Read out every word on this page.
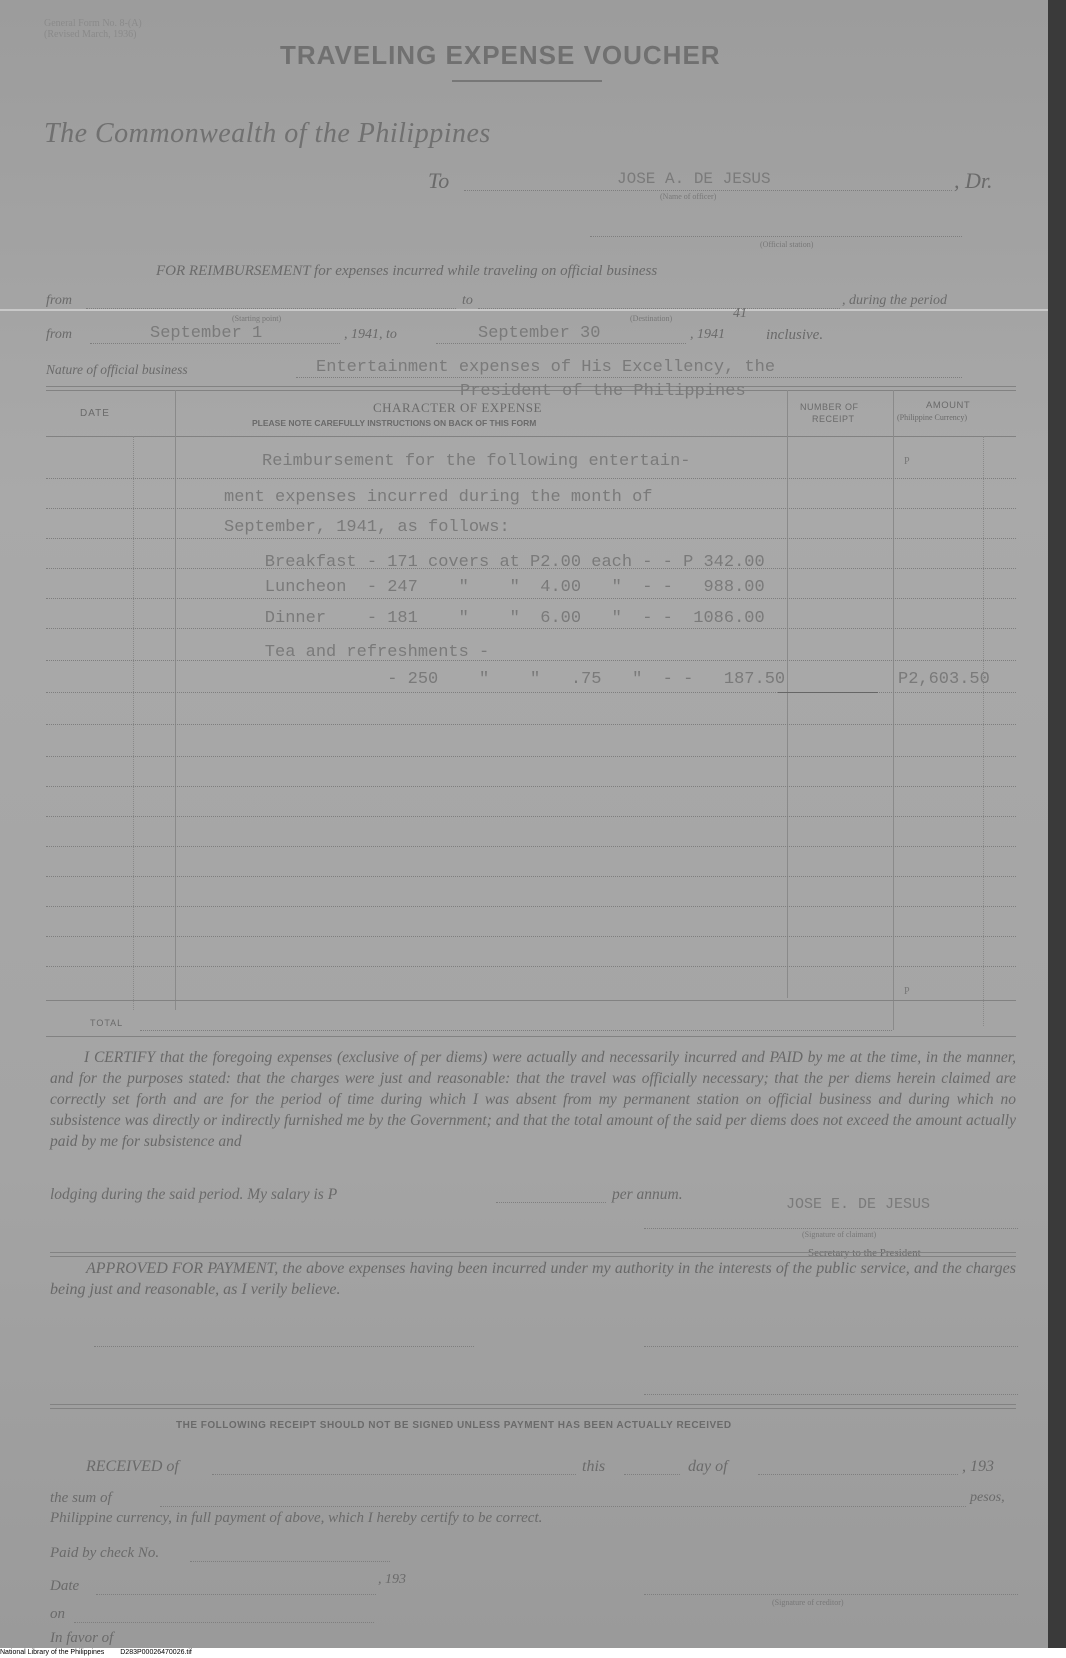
General Form No. 8-(A)
(Revised March, 1936)
TRAVELING EXPENSE VOUCHER
The Commonwealth of the Philippines
To	JOSE A. DE JESUS
(Name of officer)
, Dr.
(Official station)
FOR REIMBURSEMENT for expenses incurred while traveling on official business
from	to	, during the period
(Starting point)	(Destination)
from	September 1	, 1941, to	September 30	, 1941
41
inclusive.
Nature of official business	Entertainment expenses of His Excellency, the
President of the Philippines
DATE	CHARACTER OF EXPENSE
PLEASE NOTE CAREFULLY INSTRUCTIONS ON BACK OF THIS FORM
NUMBER OF
RECEIPT
AMOUNT
(Philippine Currency)
Reimbursement for the following entertain-
ment expenses incurred during the month of
September, 1941, as follows:
Breakfast - 171 covers at P2.00 each - - P 342.00
Luncheon  - 247    "    "  4.00   "  - -   988.00
Dinner    - 181    "    "  6.00   "  - -  1086.00
Tea and refreshments -
- 250    "    "   .75   "  - -   187.50	P2,603.50
P
P
TOTAL
I CERTIFY that the foregoing expenses (exclusive of per diems) were actually and necessarily incurred and PAID by me at the time, in the manner, and for the purposes stated: that the charges were just and reasonable: that the travel was officially necessary; that the per diems herein claimed are correctly set forth and are for the period of time during which I was absent from my permanent station on official business and during which no subsistence was directly or indirectly furnished me by the Government; and that the total amount of the said per diems does not exceed the amount actually paid by me for subsistence and
lodging during the said period. My salary is P	per annum.
JOSE E. DE JESUS
(Signature of claimant)
Secretary to the President
APPROVED FOR PAYMENT, the above expenses having been incurred under my authority in the interests of the public service, and the charges being just and reasonable, as I verily believe.
THE FOLLOWING RECEIPT SHOULD NOT BE SIGNED UNLESS PAYMENT HAS BEEN ACTUALLY RECEIVED
RECEIVED of	this	day of	, 193
the sum of	pesos,
Philippine currency, in full payment of above, which I hereby certify to be correct.
Paid by check No.
Date	, 193
(Signature of creditor)
on
In favor of
National Library of the Philippines D283P00026470026.tif
